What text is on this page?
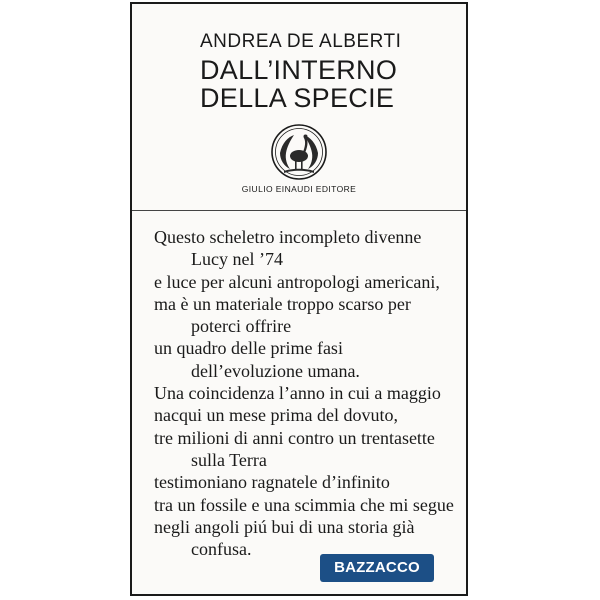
ANDREA DE ALBERTI
DALL’INTERNO
DELLA SPECIE
GIULIO EINAUDI EDITORE
Questo scheletro incompleto divenne
Lucy nel ’74
e luce per alcuni antropologi americani,
ma è un materiale troppo scarso per
poterci offrire
un quadro delle prime fasi
dell’evoluzione umana.
Una coincidenza l’anno in cui a maggio
nacqui un mese prima del dovuto,
tre milioni di anni contro un trentasette
sulla Terra
testimoniano ragnatele d’infinito
tra un fossile e una scimmia che mi segue
negli angoli piú bui di una storia già
confusa.
BAZZACCO
